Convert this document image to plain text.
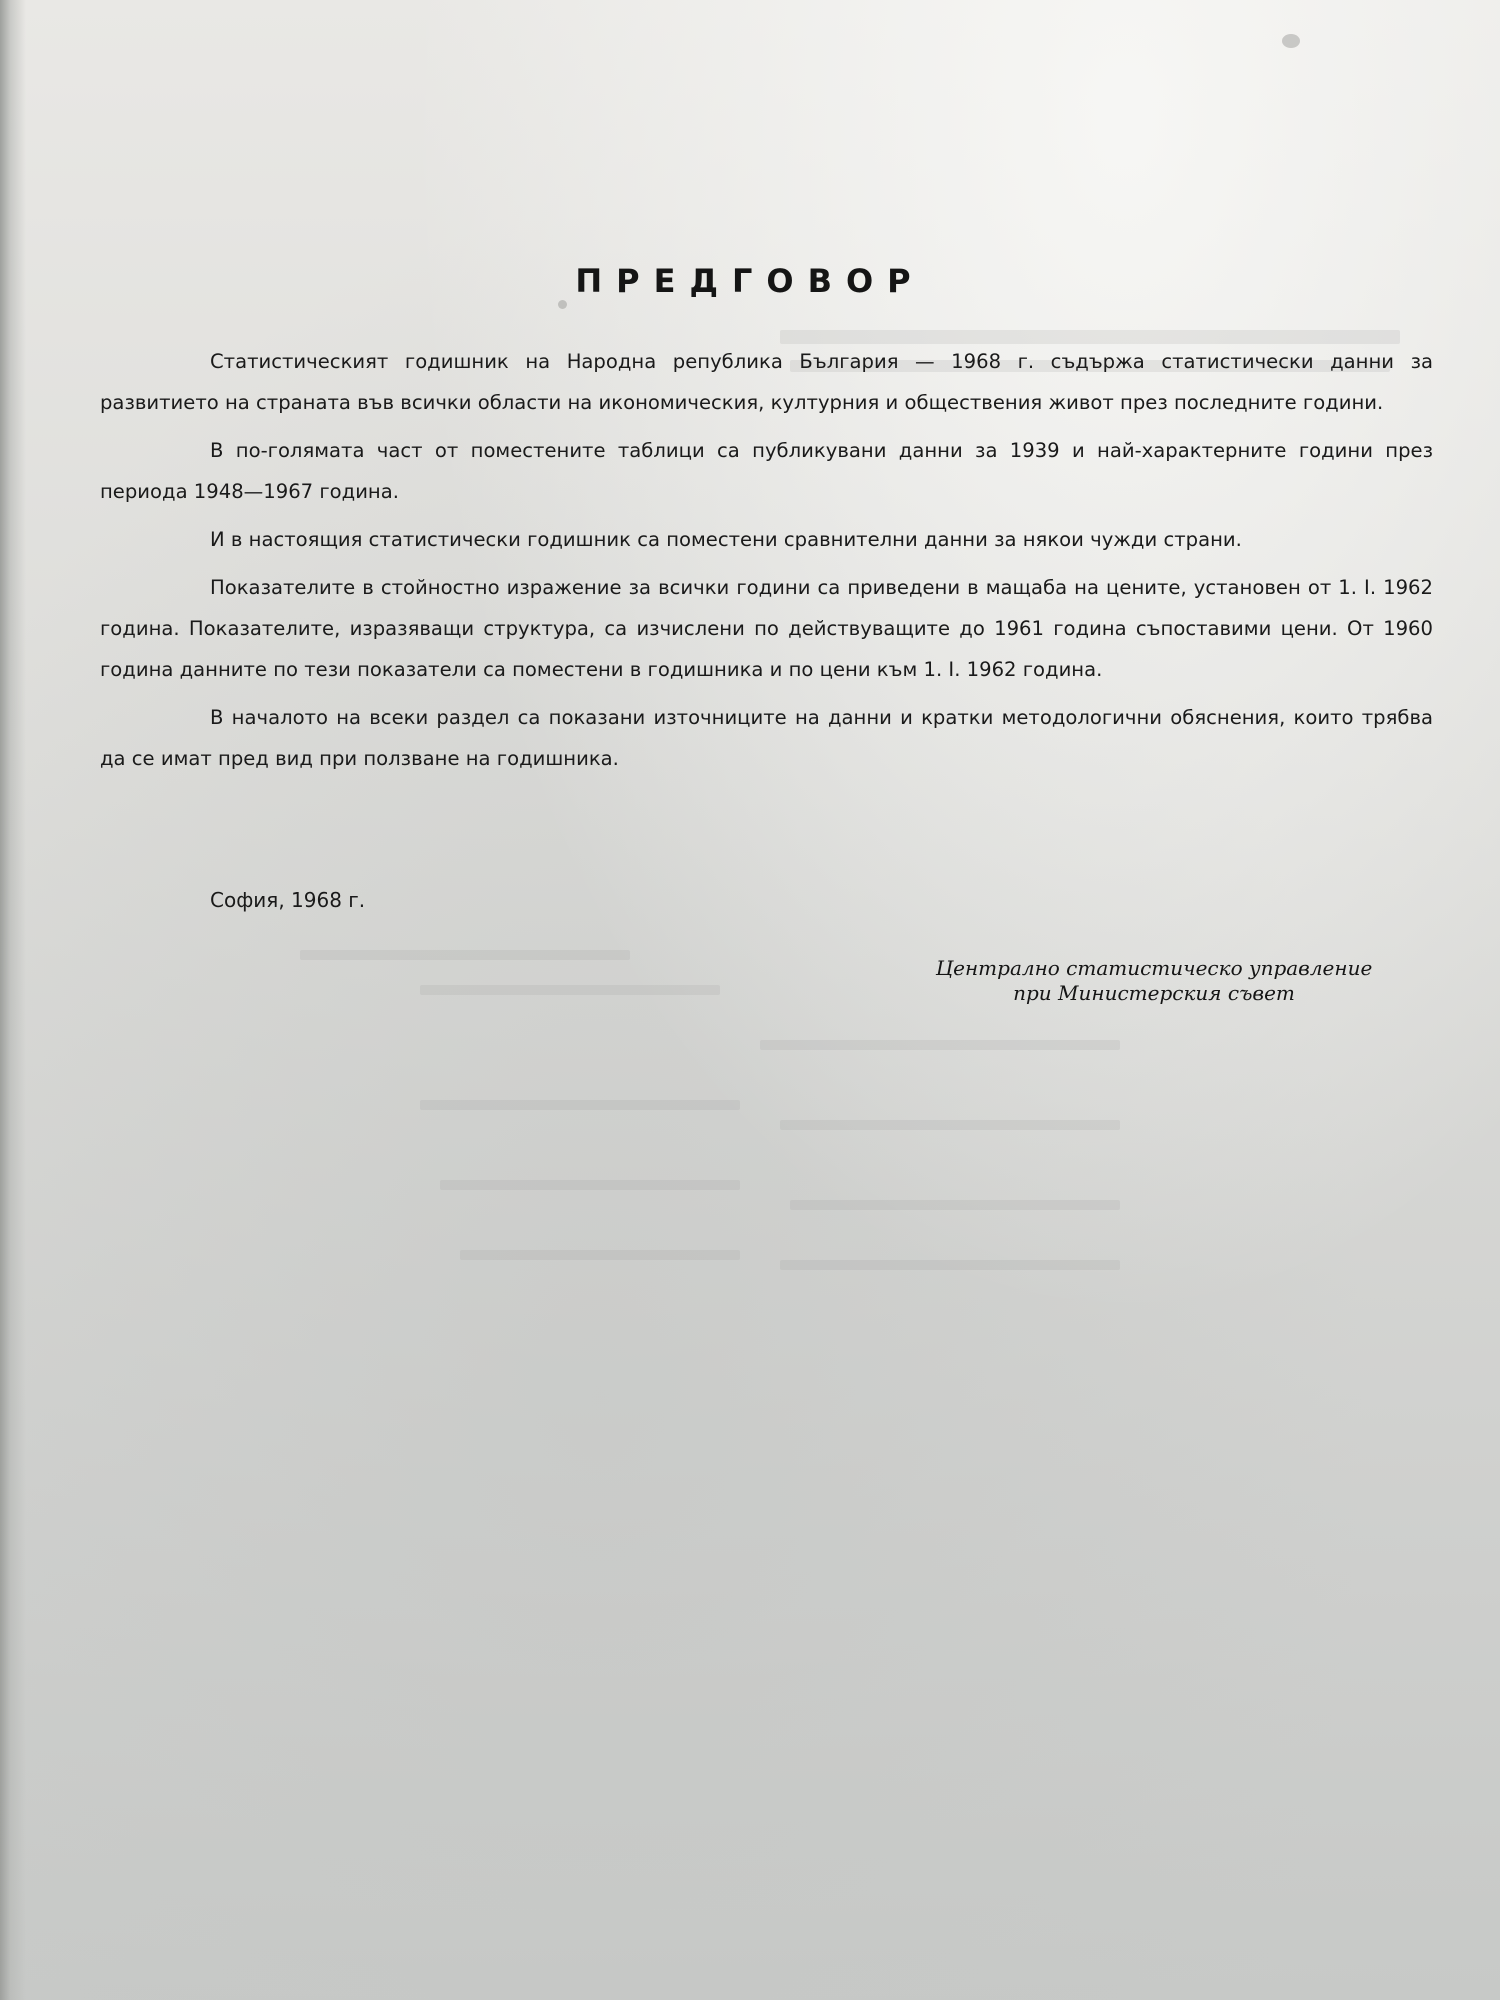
ПРЕДГОВОР

Статистическият годишник на Народна република България — 1968 г. съдържа статистически данни за развитието на страната във всички области на икономическия, културния и обществения живот през последните години.

В по-голямата част от поместените таблици са публикувани данни за 1939 и най-характерните години през периода 1948—1967 година.

И в настоящия статистически годишник са поместени сравнителни данни за някои чужди страни.

Показателите в стойностно изражение за всички години са приведени в мащаба на цените, установен от 1. I. 1962 година. Показателите, изразяващи структура, са изчислени по действуващите до 1961 година съпоставими цени. От 1960 година данните по тези показатели са поместени в годишника и по цени към 1. I. 1962 година.

В началото на всеки раздел са показани източниците на данни и кратки методологични обяснения, които трябва да се имат пред вид при ползване на годишника.

София, 1968 г.
Централно статистическо управление
при Министерския съвет
